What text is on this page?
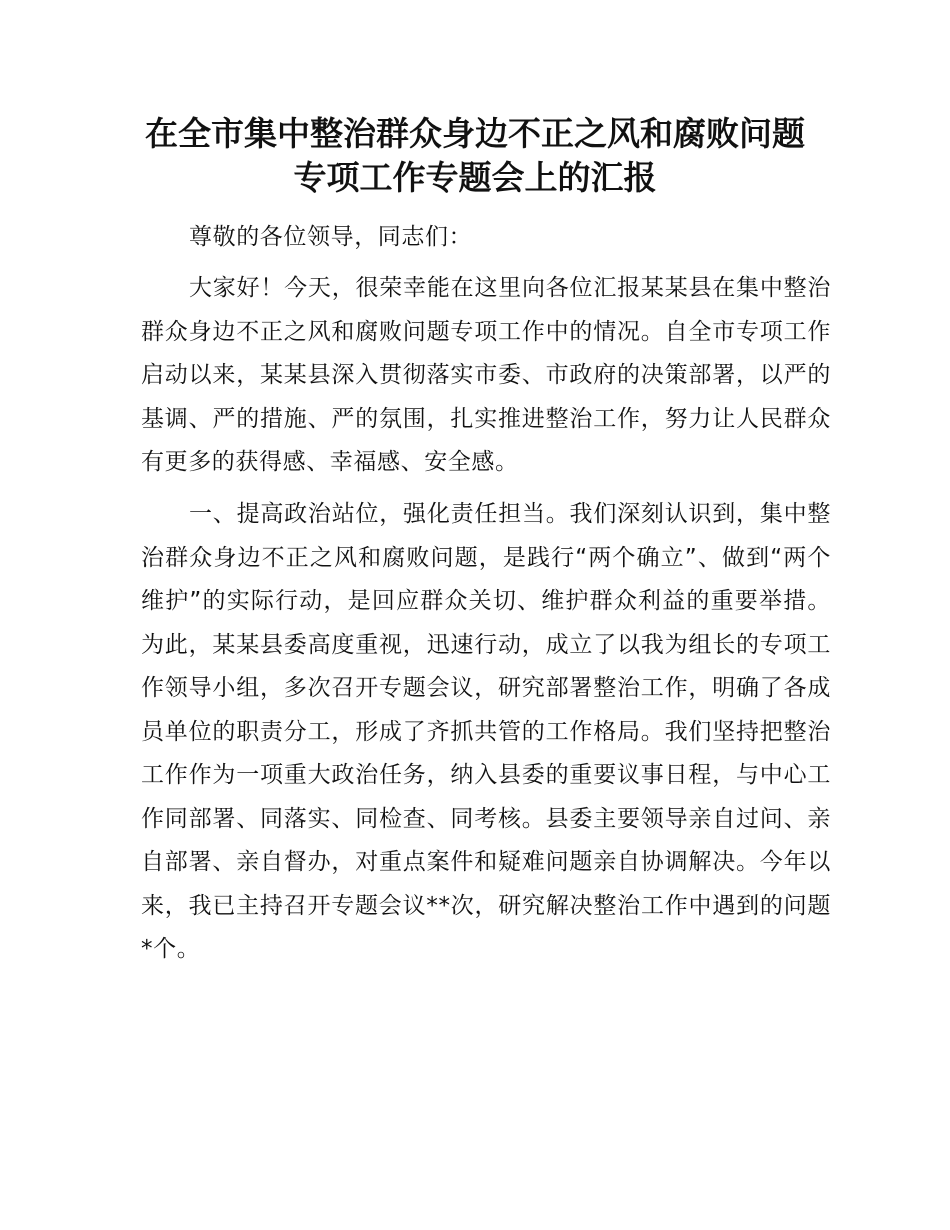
在全市集中整治群众身边不正之风和腐败问题
专项工作专题会上的汇报

尊敬的各位领导，同志们：

大家好！今天，很荣幸能在这里向各位汇报某某县在集中整治群众身边不正之风和腐败问题专项工作中的情况。自全市专项工作启动以来，某某县深入贯彻落实市委、市政府的决策部署，以严的基调、严的措施、严的氛围，扎实推进整治工作，努力让人民群众有更多的获得感、幸福感、安全感。

一、提高政治站位，强化责任担当。我们深刻认识到，集中整治群众身边不正之风和腐败问题，是践行“两个确立”、做到“两个维护”的实际行动，是回应群众关切、维护群众利益的重要举措。为此，某某县委高度重视，迅速行动，成立了以我为组长的专项工作领导小组，多次召开专题会议，研究部署整治工作，明确了各成员单位的职责分工，形成了齐抓共管的工作格局。我们坚持把整治工作作为一项重大政治任务，纳入县委的重要议事日程，与中心工作同部署、同落实、同检查、同考核。县委主要领导亲自过问、亲自部署、亲自督办，对重点案件和疑难问题亲自协调解决。今年以来，我已主持召开专题会议**次，研究解决整治工作中遇到的问题*个。
